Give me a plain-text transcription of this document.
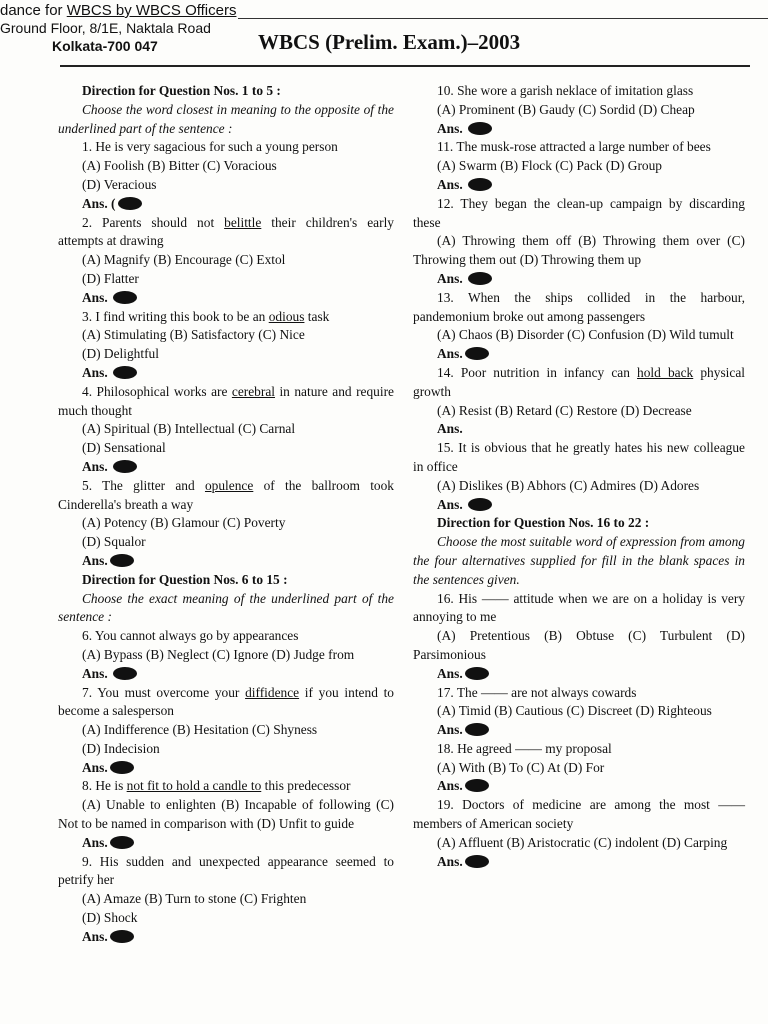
dance for WBCS by WBCS Officers
Ground Floor, 8/1E, Naktala Road
Kolkata-700 047	WBCS (Prelim. Exam.)–2003
Direction for Question Nos. 1 to 5 :
Choose the word closest in meaning to the opposite of the underlined part of the sentence :
1. He is very sagacious for such a young person
(A) Foolish (B) Bitter (C) Voracious
(D) Veracious
Ans. (
2. Parents should not belittle their children's early attempts at drawing
(A) Magnify (B) Encourage (C) Extol
(D) Flatter
Ans.
3. I find writing this book to be an odious task
(A) Stimulating (B) Satisfactory (C) Nice
(D) Delightful
Ans.
4. Philosophical works are cerebral in nature and require much thought
(A) Spiritual (B) Intellectual (C) Carnal
(D) Sensational
Ans.
5. The glitter and opulence of the ballroom took Cinderella's breath a way
(A) Potency (B) Glamour (C) Poverty
(D) Squalor
Ans.
Direction for Question Nos. 6 to 15 :
Choose the exact meaning of the underlined part of the sentence :
6. You cannot always go by appearances
(A) Bypass (B) Neglect (C) Ignore (D) Judge from
Ans.
7. You must overcome your diffidence if you intend to become a salesperson
(A) Indifference (B) Hesitation (C) Shyness
(D) Indecision
Ans.
8. He is not fit to hold a candle to this predecessor
(A) Unable to enlighten (B) Incapable of following (C) Not to be named in comparison with (D) Unfit to guide
Ans.
9. His sudden and unexpected appearance seemed to petrify her
(A) Amaze (B) Turn to stone (C) Frighten
(D) Shock
Ans.
10. She wore a garish neklace of imitation glass
(A) Prominent (B) Gaudy (C) Sordid (D) Cheap
Ans.
11. The musk-rose attracted a large number of bees
(A) Swarm (B) Flock (C) Pack (D) Group
Ans.
12. They began the clean-up campaign by discarding these
(A) Throwing them off (B) Throwing them over (C) Throwing them out (D) Throwing them up
Ans.
13. When the ships collided in the harbour, pandemonium broke out among passengers
(A) Chaos (B) Disorder (C) Confusion (D) Wild tumult
Ans.
14. Poor nutrition in infancy can hold back physical growth
(A) Resist (B) Retard (C) Restore (D) Decrease
Ans.
15. It is obvious that he greatly hates his new colleague in office
(A) Dislikes (B) Abhors (C) Admires (D) Adores
Ans.
Direction for Question Nos. 16 to 22 :
Choose the most suitable word of expression from among the four alternatives supplied for fill in the blank spaces in the sentences given.
16. His —— attitude when we are on a holiday is very annoying to me
(A) Pretentious (B) Obtuse (C) Turbulent (D) Parsimonious
Ans.
17. The —— are not always cowards
(A) Timid (B) Cautious (C) Discreet (D) Righteous
Ans.
18. He agreed —— my proposal
(A) With (B) To (C) At (D) For
Ans.
19. Doctors of medicine are among the most —— members of American society
(A) Affluent (B) Aristocratic (C) indolent (D) Carping
Ans.
